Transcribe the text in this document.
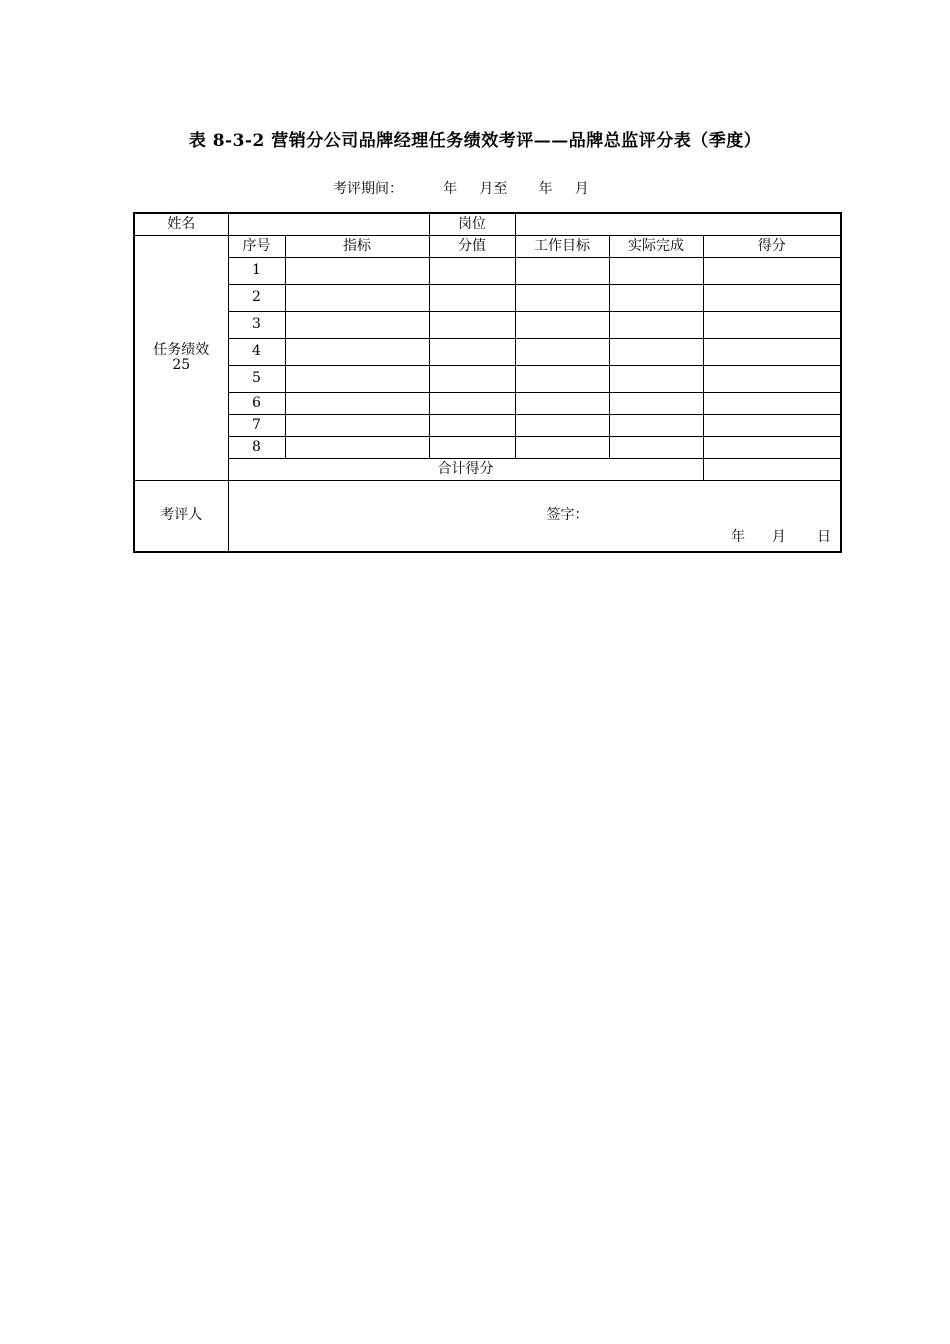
表 8-3-2 营销分公司品牌经理任务绩效考评——品牌总监评分表（季度）
考评期间：	年 月至 年 月
姓名			岗位			
任务绩效
25	序号	指标	分值	工作目标	实际完成	得分
	1					
	2					
	3					
	4					
	5					
	6					
	7					
	8					
	合计得分					
考评人	签字：
年 月 日					
